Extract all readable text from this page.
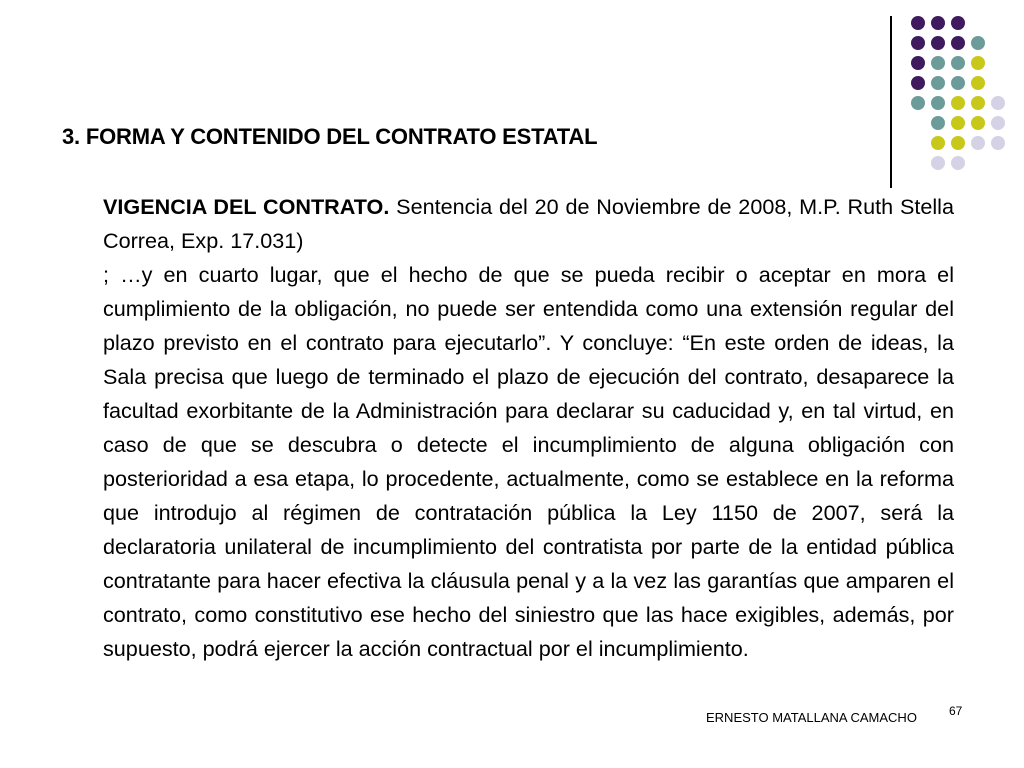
3. FORMA Y CONTENIDO DEL CONTRATO ESTATAL

VIGENCIA DEL CONTRATO. Sentencia del 20 de Noviembre de 2008, M.P. Ruth Stella Correa, Exp. 17.031)

; …y en cuarto lugar, que el hecho de que se pueda recibir o aceptar en mora el cumplimiento de la obligación, no puede ser entendida como una extensión regular del plazo previsto en el contrato para ejecutarlo”. Y concluye: “En este orden de ideas, la Sala precisa que luego de terminado el plazo de ejecución del contrato, desaparece la facultad exorbitante de la Administración para declarar su caducidad y, en tal virtud, en caso de que se descubra o detecte el incumplimiento de alguna obligación con posterioridad a esa etapa, lo procedente, actualmente, como se establece en la reforma que introdujo al régimen de contratación pública la Ley 1150 de 2007, será la declaratoria unilateral de incumplimiento del contratista por parte de la entidad pública contratante para hacer efectiva la cláusula penal y a la vez las garantías que amparen el contrato, como constitutivo ese hecho del siniestro que las hace exigibles, además, por supuesto, podrá ejercer la acción contractual por el incumplimiento.

ERNESTO MATALLANA CAMACHO	67
